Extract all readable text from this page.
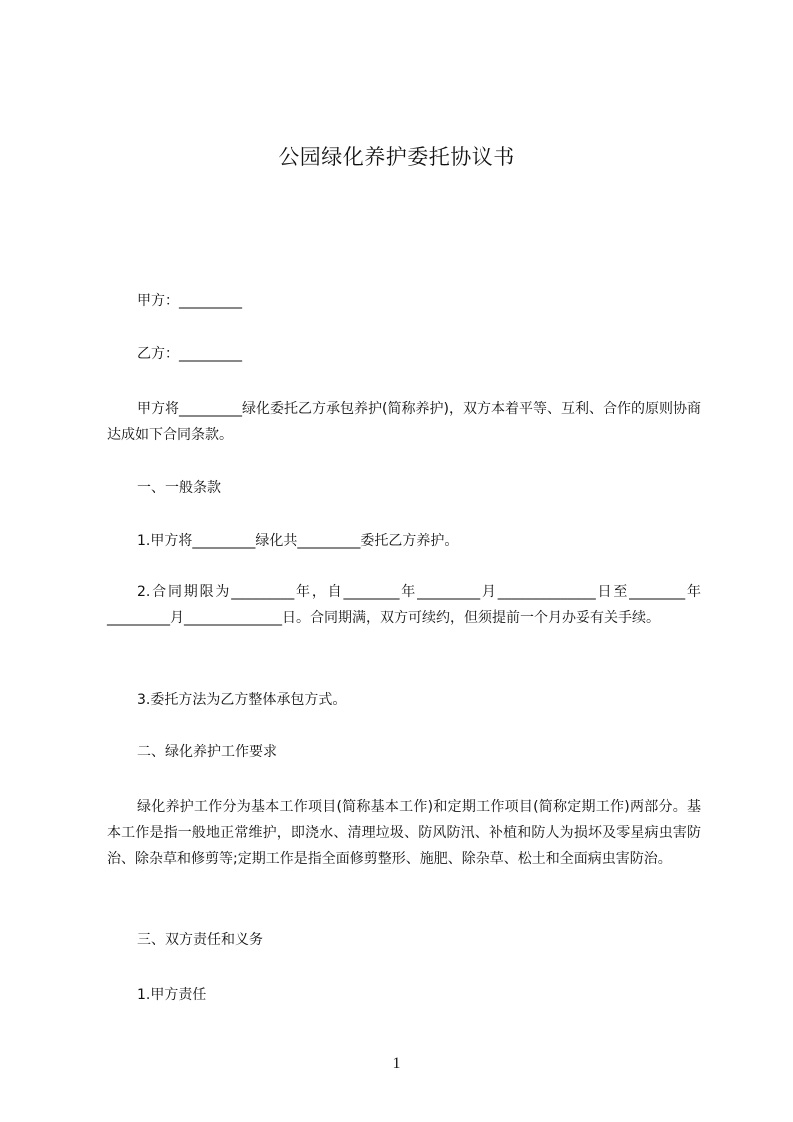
公园绿化养护委托协议书

甲方：_________

乙方：_________

甲方将_________绿化委托乙方承包养护(简称养护)，双方本着平等、互利、合作的原则协商达成如下合同条款。

一、一般条款

1.甲方将_________绿化共_________委托乙方养护。

2.合同期限为_________年，自________年_________月______________日至________年_________月______________日。合同期满，双方可续约，但须提前一个月办妥有关手续。

3.委托方法为乙方整体承包方式。

二、绿化养护工作要求

绿化养护工作分为基本工作项目(简称基本工作)和定期工作项目(简称定期工作)两部分。基本工作是指一般地正常维护，即浇水、清理垃圾、防风防汛、补植和防人为损坏及零星病虫害防治、除杂草和修剪等;定期工作是指全面修剪整形、施肥、除杂草、松土和全面病虫害防治。

三、双方责任和义务

1.甲方责任

1
